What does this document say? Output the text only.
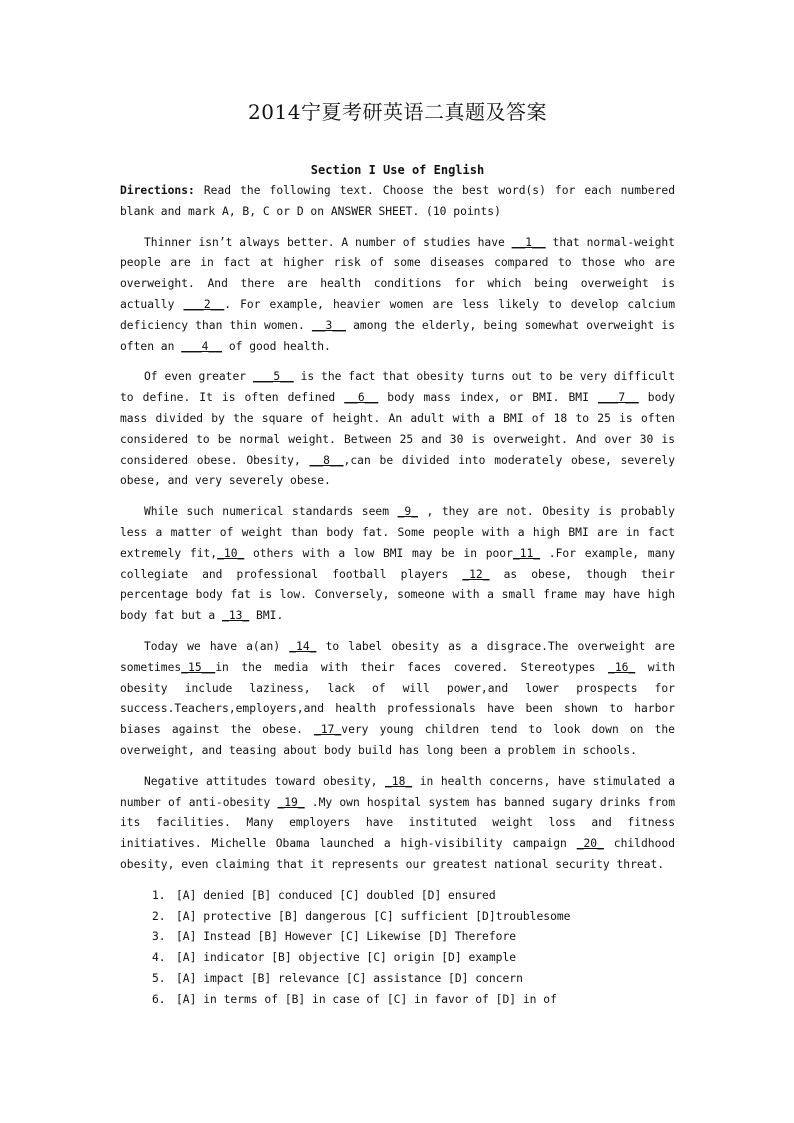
2014宁夏考研英语二真题及答案
Section I Use of English

Directions: Read the following text. Choose the best word(s) for each numbered blank and mark A, B, C or D on ANSWER SHEET. (10 points)

Thinner isn’t always better. A number of studies have __1__ that normal-weight people are in fact at higher risk of some diseases compared to those who are overweight. And there are health conditions for which being overweight is actually ___2__. For example, heavier women are less likely to develop calcium deficiency than thin women. __3__ among the elderly, being somewhat overweight is often an ___4__ of good health.

Of even greater ___5__ is the fact that obesity turns out to be very difficult to define. It is often defined __6__ body mass index, or BMI. BMI ___7__ body mass divided by the square of height. An adult with a BMI of 18 to 25 is often considered to be normal weight. Between 25 and 30 is overweight. And over 30 is considered obese. Obesity, __8__,can be divided into moderately obese, severely obese, and very severely obese.

While such numerical standards seem _9_ , they are not. Obesity is probably less a matter of weight than body fat. Some people with a high BMI are in fact extremely fit,_10_ others with a low BMI may be in poor_11_ .For example, many collegiate and professional football players _12_ as obese, though their percentage body fat is low. Conversely, someone with a small frame may have high body fat but a _13_ BMI.

Today we have a(an) _14_ to label obesity as a disgrace.The overweight are sometimes_15__in the media with their faces covered. Stereotypes _16_ with obesity include laziness, lack of will power,and lower prospects for success.Teachers,employers,and health professionals have been shown to harbor biases against the obese. _17_very young children tend to look down on the overweight, and teasing about body build has long been a problem in schools.

Negative attitudes toward obesity, _18_ in health concerns, have stimulated a number of anti-obesity _19_ .My own hospital system has banned sugary drinks from its facilities. Many employers have instituted weight loss and fitness initiatives. Michelle Obama launched a high-visibility campaign _20_ childhood obesity, even claiming that it represents our greatest national security threat.

1. [A] denied [B] conduced [C] doubled [D] ensured
2. [A] protective [B] dangerous [C] sufficient [D]troublesome
3. [A] Instead [B] However [C] Likewise [D] Therefore
4. [A] indicator [B] objective [C] origin [D] example
5. [A] impact [B] relevance [C] assistance [D] concern
6. [A] in terms of [B] in case of [C] in favor of [D] in of
